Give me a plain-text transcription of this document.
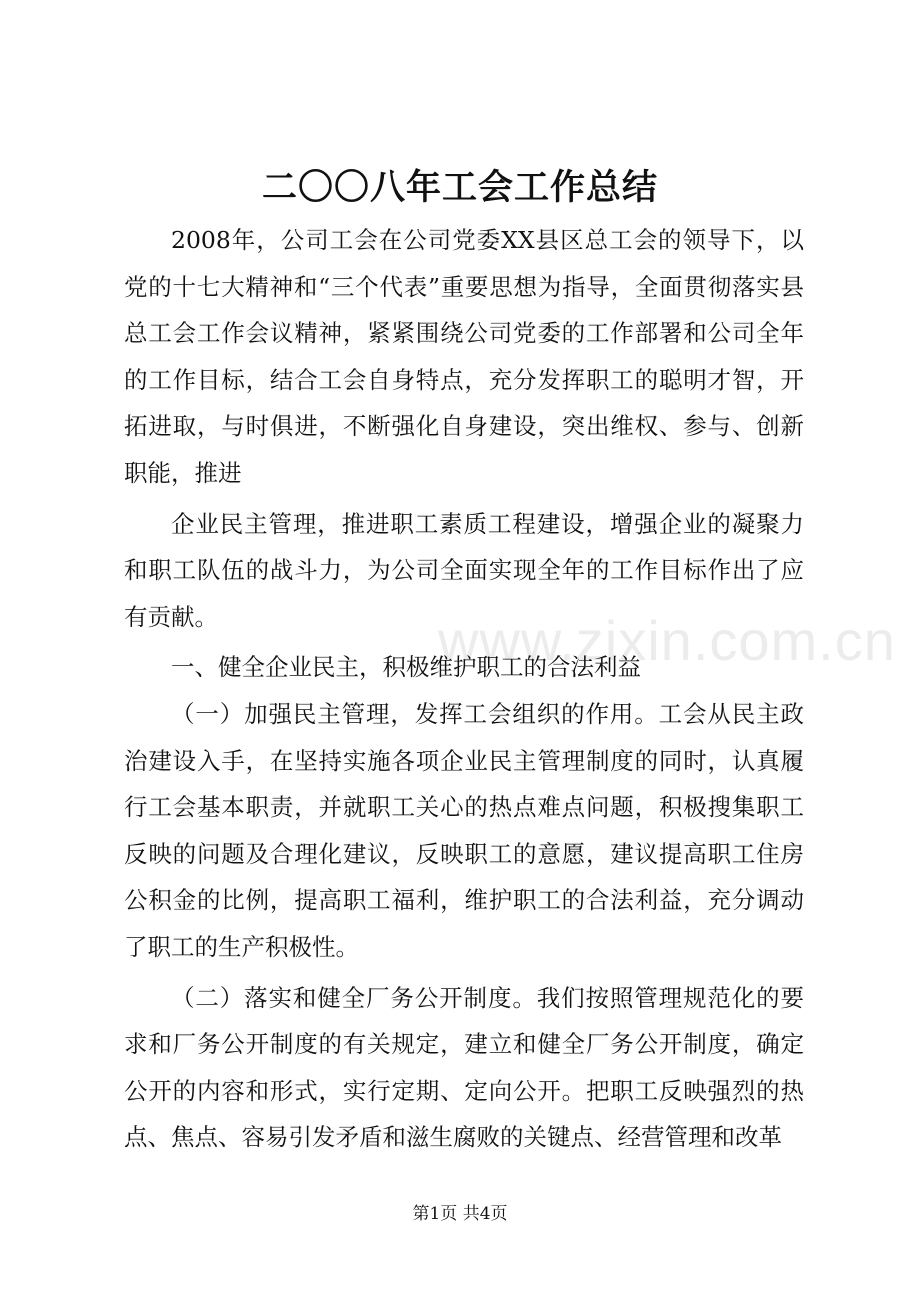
www.zixin.com.cn
二〇〇八年工会工作总结

2008年，公司工会在公司党委XX县区总工会的领导下，以党的十七大精神和“三个代表”重要思想为指导，全面贯彻落实县总工会工作会议精神，紧紧围绕公司党委的工作部署和公司全年的工作目标，结合工会自身特点，充分发挥职工的聪明才智，开拓进取，与时俱进，不断强化自身建设，突出维权、参与、创新职能，推进

企业民主管理，推进职工素质工程建设，增强企业的凝聚力和职工队伍的战斗力，为公司全面实现全年的工作目标作出了应有贡献。

一、健全企业民主，积极维护职工的合法利益

（一）加强民主管理，发挥工会组织的作用。工会从民主政治建设入手，在坚持实施各项企业民主管理制度的同时，认真履行工会基本职责，并就职工关心的热点难点问题，积极搜集职工反映的问题及合理化建议，反映职工的意愿，建议提高职工住房公积金的比例，提高职工福利，维护职工的合法利益，充分调动了职工的生产积极性。

（二）落实和健全厂务公开制度。我们按照管理规范化的要求和厂务公开制度的有关规定，建立和健全厂务公开制度，确定公开的内容和形式，实行定期、定向公开。把职工反映强烈的热点、焦点、容易引发矛盾和滋生腐败的关键点、经营管理和改革

第1页 共4页
